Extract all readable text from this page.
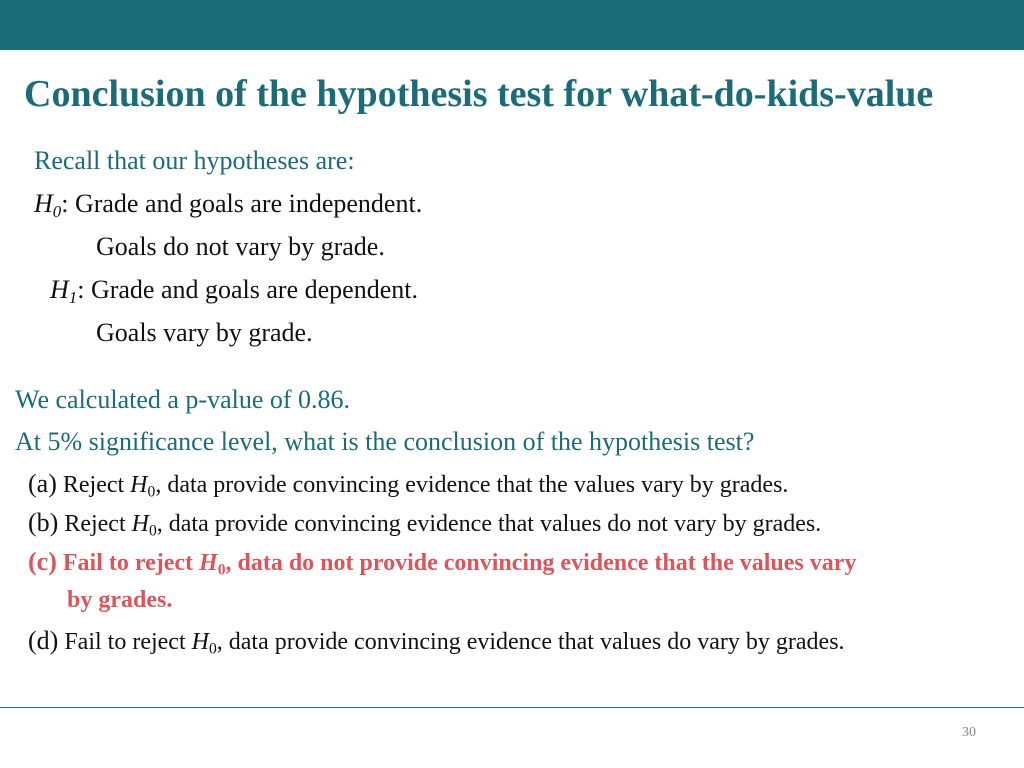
Conclusion of the hypothesis test for what-do-kids-value
Recall that our hypotheses are:
$H_0$: Grade and goals are independent.
Goals do not vary by grade.
$H_1$: Grade and goals are dependent.
Goals vary by grade.
We calculated a p-value of 0.86.
At 5% significance level, what is the conclusion of the hypothesis test?
(a) Reject $H_0$, data provide convincing evidence that the values vary by grades.
(b) Reject $H_0$, data provide convincing evidence that values do not vary by grades.
(c) Fail to reject $H_0$, data do not provide convincing evidence that the values vary
by grades.
(d) Fail to reject $H_0$, data provide convincing evidence that values do vary by grades.
30
